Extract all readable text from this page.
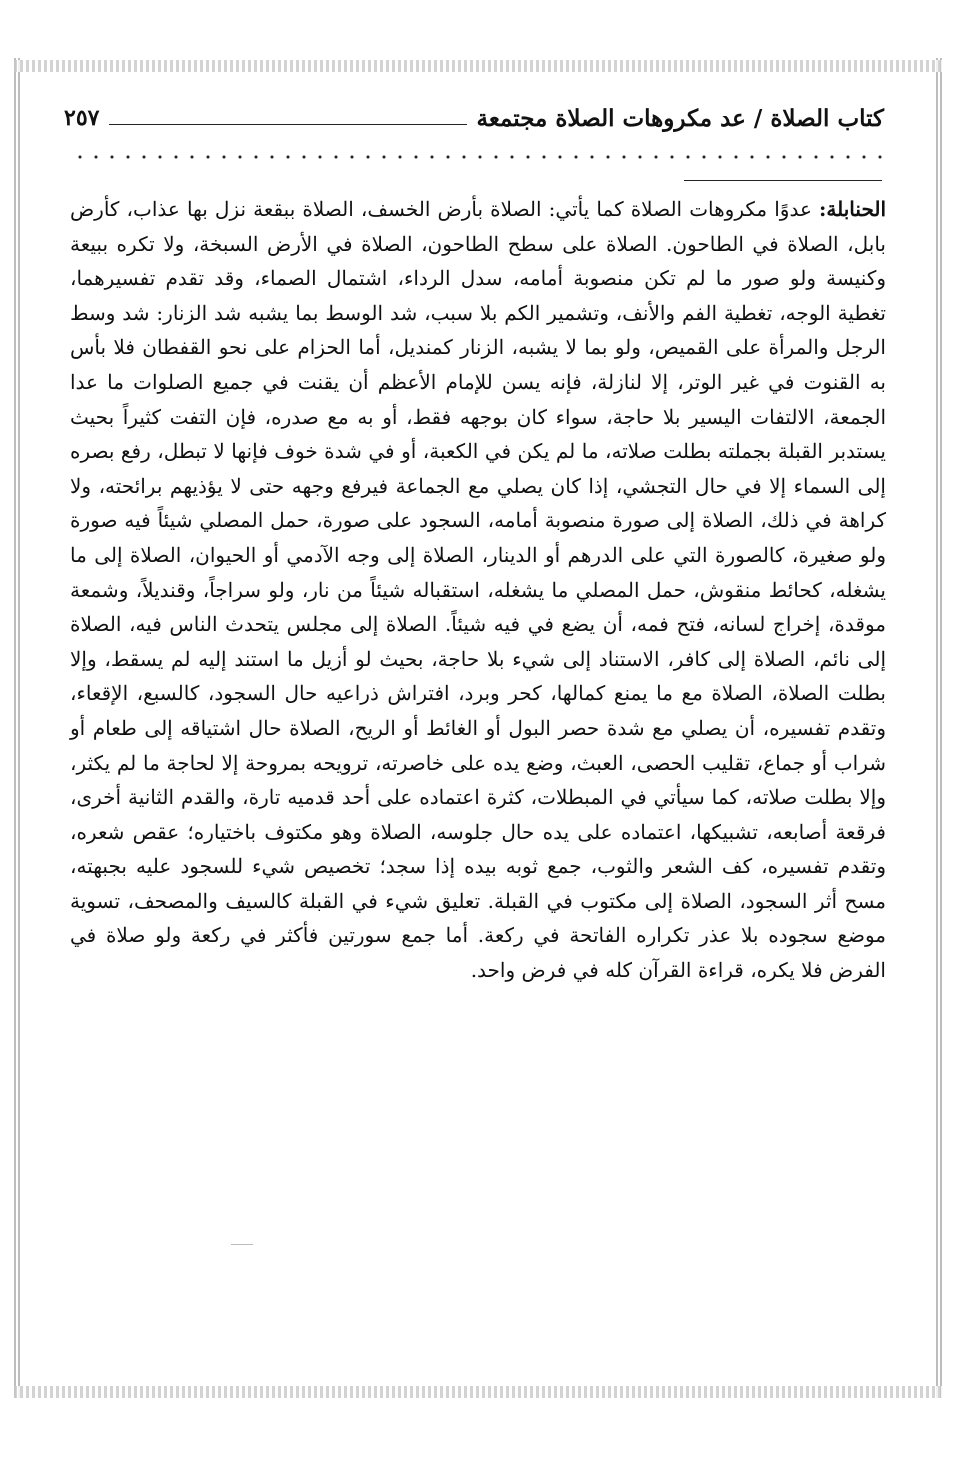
كتاب الصلاة / عد مكروهات الصلاة مجتمعة
٢٥٧
الحنابلة: عدوًا مكروهات الصلاة كما يأتي: الصلاة بأرض الخسف، الصلاة ببقعة نزل بها عذاب، كأرض بابل، الصلاة في الطاحون. الصلاة على سطح الطاحون، الصلاة في الأرض السبخة، ولا تكره ببيعة وكنيسة ولو صور ما لم تكن منصوبة أمامه، سدل الرداء، اشتمال الصماء، وقد تقدم تفسيرهما، تغطية الوجه، تغطية الفم والأنف، وتشمير الكم بلا سبب، شد الوسط بما يشبه شد الزنار: شد وسط الرجل والمرأة على القميص، ولو بما لا يشبه، الزنار كمنديل، أما الحزام على نحو القفطان فلا بأس به القنوت في غير الوتر، إلا لنازلة، فإنه يسن للإمام الأعظم أن يقنت في جميع الصلوات ما عدا الجمعة، الالتفات اليسير بلا حاجة، سواء كان بوجهه فقط، أو به مع صدره، فإن التفت كثيراً بحيث يستدبر القبلة بجملته بطلت صلاته، ما لم يكن في الكعبة، أو في شدة خوف فإنها لا تبطل، رفع بصره إلى السماء إلا في حال التجشي، إذا كان يصلي مع الجماعة فيرفع وجهه حتى لا يؤذيهم برائحته، ولا كراهة في ذلك، الصلاة إلى صورة منصوبة أمامه، السجود على صورة، حمل المصلي شيئاً فيه صورة ولو صغيرة، كالصورة التي على الدرهم أو الدينار، الصلاة إلى وجه الآدمي أو الحيوان، الصلاة إلى ما يشغله، كحائط منقوش، حمل المصلي ما يشغله، استقباله شيئاً من نار، ولو سراجاً، وقنديلاً، وشمعة موقدة، إخراج لسانه، فتح فمه، أن يضع في فيه شيئاً. الصلاة إلى مجلس يتحدث الناس فيه، الصلاة إلى نائم، الصلاة إلى كافر، الاستناد إلى شيء بلا حاجة، بحيث لو أزيل ما استند إليه لم يسقط، وإلا بطلت الصلاة، الصلاة مع ما يمنع كمالها، كحر وبرد، افتراش ذراعيه حال السجود، كالسبع، الإقعاء، وتقدم تفسيره، أن يصلي مع شدة حصر البول أو الغائط أو الريح، الصلاة حال اشتياقه إلى طعام أو شراب أو جماع، تقليب الحصى، العبث، وضع يده على خاصرته، ترويحه بمروحة إلا لحاجة ما لم يكثر، وإلا بطلت صلاته، كما سيأتي في المبطلات، كثرة اعتماده على أحد قدميه تارة، والقدم الثانية أخرى، فرقعة أصابعه، تشبيكها، اعتماده على يده حال جلوسه، الصلاة وهو مكتوف باختياره؛ عقص شعره، وتقدم تفسيره، كف الشعر والثوب، جمع ثوبه بيده إذا سجد؛ تخصيص شيء للسجود عليه بجبهته، مسح أثر السجود، الصلاة إلى مكتوب في القبلة. تعليق شيء في القبلة كالسيف والمصحف، تسوية موضع سجوده بلا عذر تكراره الفاتحة في ركعة. أما جمع سورتين فأكثر في ركعة ولو صلاة في الفرض فلا يكره، قراءة القرآن كله في فرض واحد.
